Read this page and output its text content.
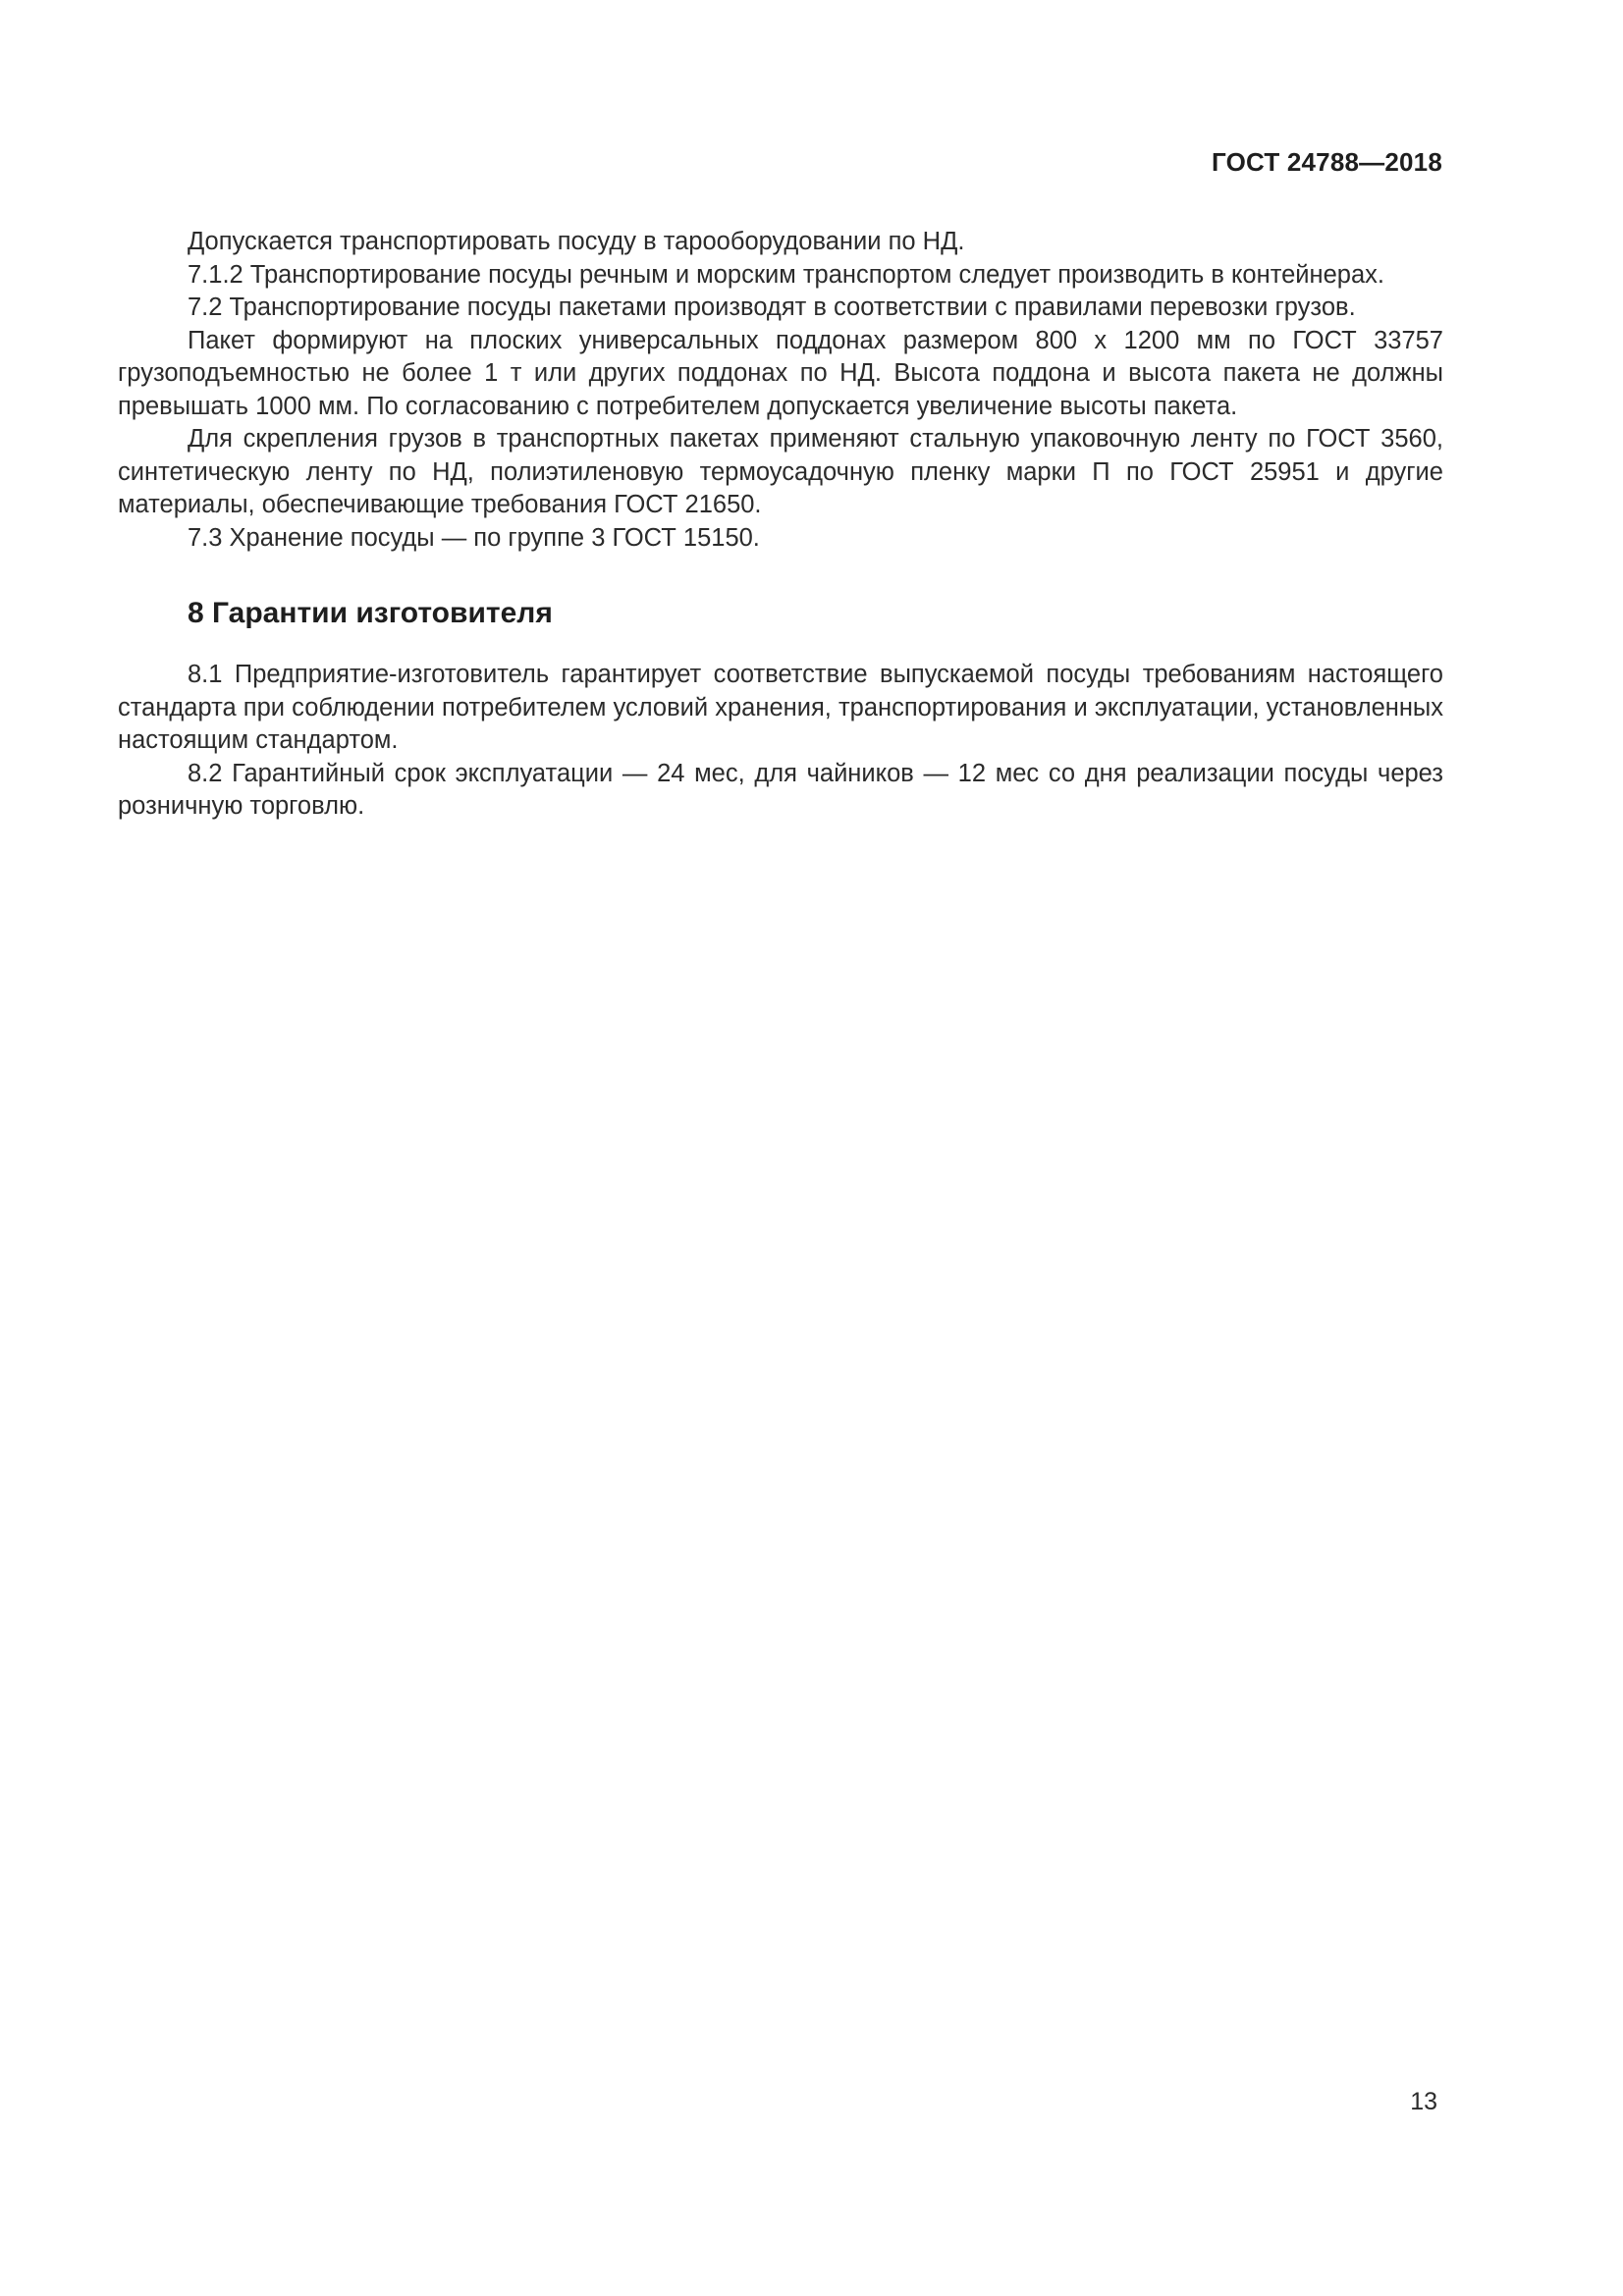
ГОСТ 24788—2018

Допускается транспортировать посуду в тарооборудовании по НД.

7.1.2 Транспортирование посуды речным и морским транспортом следует производить в контейнерах.

7.2 Транспортирование посуды пакетами производят в соответствии с правилами перевозки грузов.

Пакет формируют на плоских универсальных поддонах размером 800 х 1200 мм по ГОСТ 33757 грузоподъемностью не более 1 т или других поддонах по НД. Высота поддона и высота пакета не должны превышать 1000 мм. По согласованию с потребителем допускается увеличение высоты пакета.

Для скрепления грузов в транспортных пакетах применяют стальную упаковочную ленту по ГОСТ 3560, синтетическую ленту по НД, полиэтиленовую термоусадочную пленку марки П по ГОСТ 25951 и другие материалы, обеспечивающие требования ГОСТ 21650.

7.3 Хранение посуды — по группе 3 ГОСТ 15150.

8 Гарантии изготовителя

8.1 Предприятие-изготовитель гарантирует соответствие выпускаемой посуды требованиям настоящего стандарта при соблюдении потребителем условий хранения, транспортирования и эксплуатации, установленных настоящим стандартом.

8.2 Гарантийный срок эксплуатации — 24 мес, для чайников — 12 мес со дня реализации посуды через розничную торговлю.

13
